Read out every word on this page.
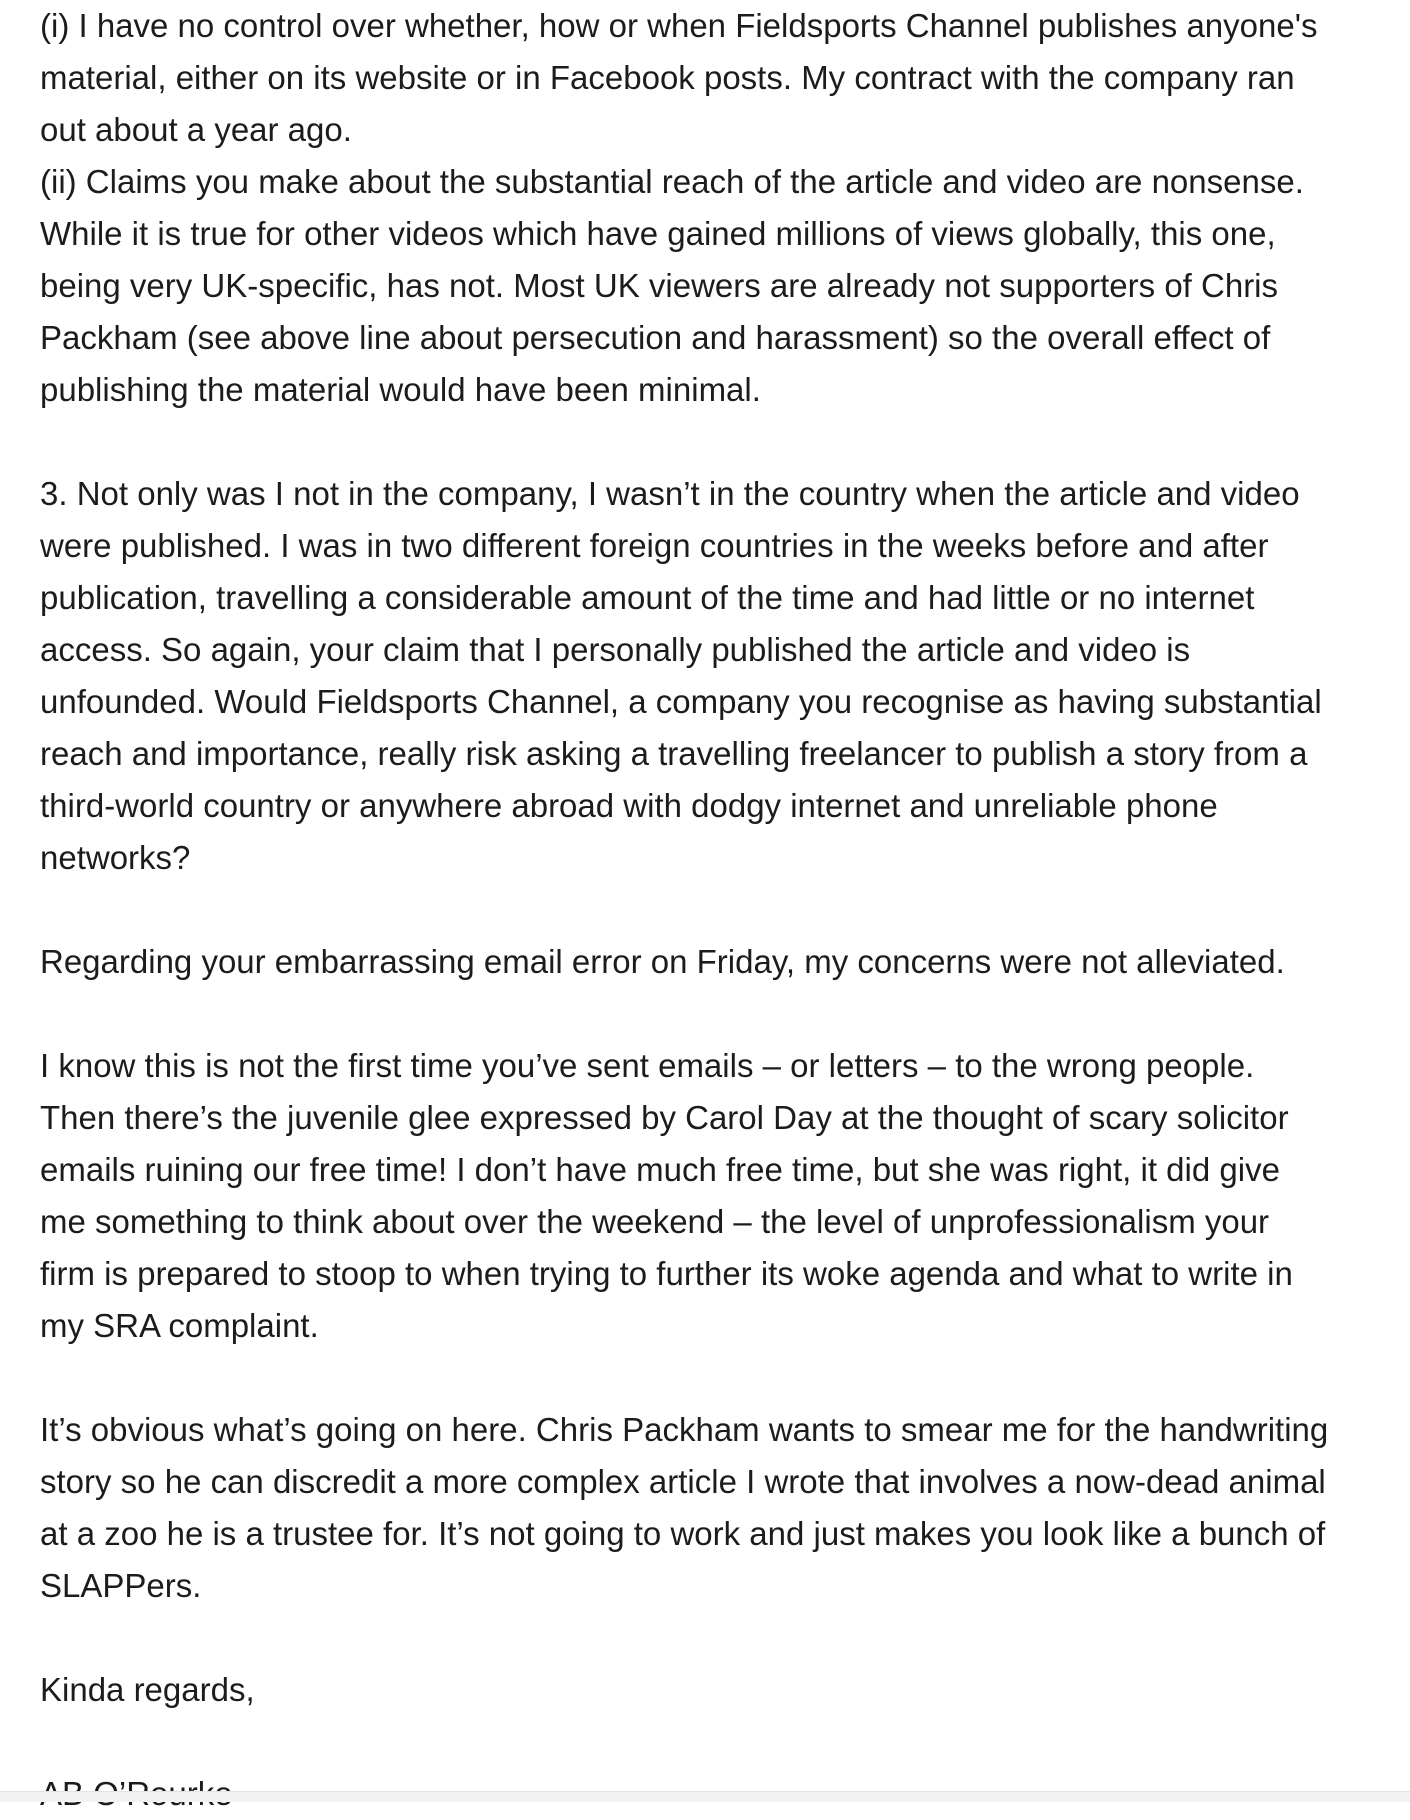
(i) I have no control over whether, how or when Fieldsports Channel publishes anyone's
material, either on its website or in Facebook posts. My contract with the company ran
out about a year ago.
(ii) Claims you make about the substantial reach of the article and video are nonsense.
While it is true for other videos which have gained millions of views globally, this one,
being very UK-specific, has not. Most UK viewers are already not supporters of Chris
Packham (see above line about persecution and harassment) so the overall effect of
publishing the material would have been minimal.
3. Not only was I not in the company, I wasn’t in the country when the article and video
were published. I was in two different foreign countries in the weeks before and after
publication, travelling a considerable amount of the time and had little or no internet
access. So again, your claim that I personally published the article and video is
unfounded. Would Fieldsports Channel, a company you recognise as having substantial
reach and importance, really risk asking a travelling freelancer to publish a story from a
third-world country or anywhere abroad with dodgy internet and unreliable phone
networks?
Regarding your embarrassing email error on Friday, my concerns were not alleviated.
I know this is not the first time you’ve sent emails – or letters – to the wrong people.
Then there’s the juvenile glee expressed by Carol Day at the thought of scary solicitor
emails ruining our free time! I don’t have much free time, but she was right, it did give
me something to think about over the weekend – the level of unprofessionalism your
firm is prepared to stoop to when trying to further its woke agenda and what to write in
my SRA complaint.
It’s obvious what’s going on here. Chris Packham wants to smear me for the handwriting
story so he can discredit a more complex article I wrote that involves a now-dead animal
at a zoo he is a trustee for. It’s not going to work and just makes you look like a bunch of
SLAPPers.
Kinda regards,
